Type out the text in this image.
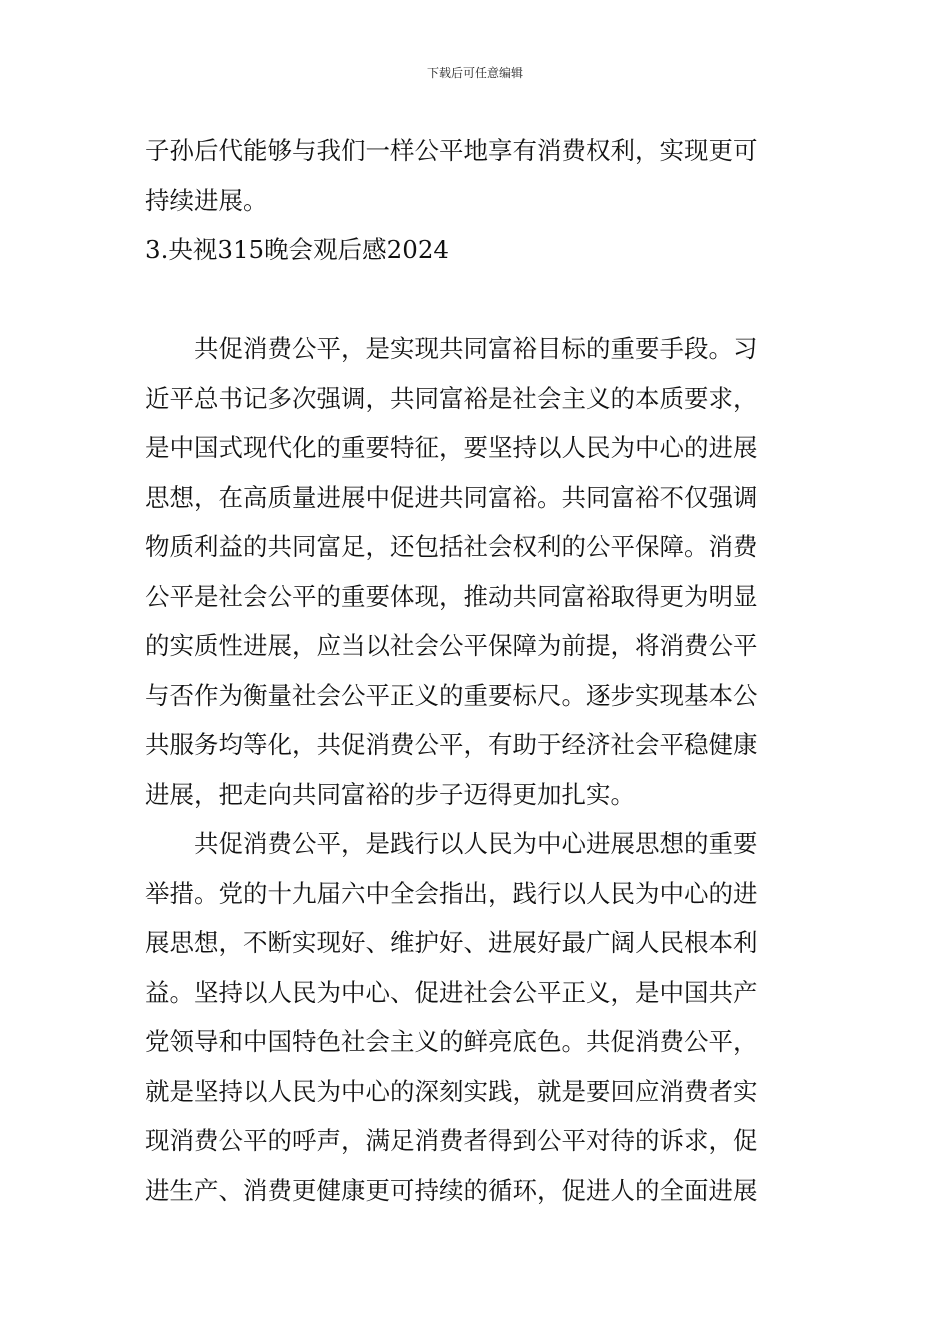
下载后可任意编辑
子孙后代能够与我们一样公平地享有消费权利，实现更可
持续进展。
3.央视315晚会观后感2024
共促消费公平，是实现共同富裕目标的重要手段。习
近平总书记多次强调，共同富裕是社会主义的本质要求，
是中国式现代化的重要特征，要坚持以人民为中心的进展
思想，在高质量进展中促进共同富裕。共同富裕不仅强调
物质利益的共同富足，还包括社会权利的公平保障。消费
公平是社会公平的重要体现，推动共同富裕取得更为明显
的实质性进展，应当以社会公平保障为前提，将消费公平
与否作为衡量社会公平正义的重要标尺。逐步实现基本公
共服务均等化，共促消费公平，有助于经济社会平稳健康
进展，把走向共同富裕的步子迈得更加扎实。
共促消费公平，是践行以人民为中心进展思想的重要
举措。党的十九届六中全会指出，践行以人民为中心的进
展思想，不断实现好、维护好、进展好最广阔人民根本利
益。坚持以人民为中心、促进社会公平正义，是中国共产
党领导和中国特色社会主义的鲜亮底色。共促消费公平，
就是坚持以人民为中心的深刻实践，就是要回应消费者实
现消费公平的呼声，满足消费者得到公平对待的诉求，促
进生产、消费更健康更可持续的循环，促进人的全面进展
